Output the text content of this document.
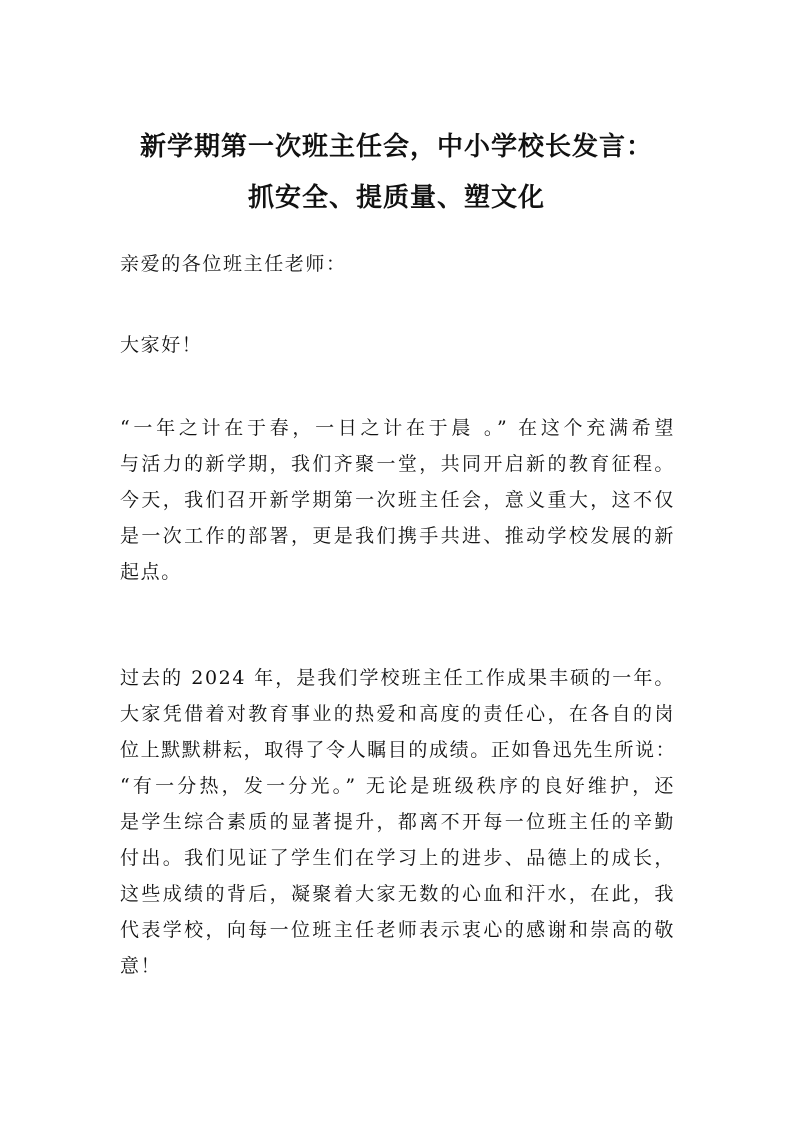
新学期第一次班主任会，中小学校长发言：
抓安全、提质量、塑文化
亲爱的各位班主任老师：
大家好！
“一年之计在于春，一日之计在于晨 。” 在这个充满希望
与活力的新学期，我们齐聚一堂，共同开启新的教育征程。
今天，我们召开新学期第一次班主任会，意义重大，这不仅
是一次工作的部署，更是我们携手共进、推动学校发展的新
起点。
过去的 2024 年，是我们学校班主任工作成果丰硕的一年。
大家凭借着对教育事业的热爱和高度的责任心，在各自的岗
位上默默耕耘，取得了令人瞩目的成绩。正如鲁迅先生所说：
“有一分热，发一分光。” 无论是班级秩序的良好维护，还
是学生综合素质的显著提升，都离不开每一位班主任的辛勤
付出。我们见证了学生们在学习上的进步、品德上的成长，
这些成绩的背后，凝聚着大家无数的心血和汗水，在此，我
代表学校，向每一位班主任老师表示衷心的感谢和崇高的敬
意！
